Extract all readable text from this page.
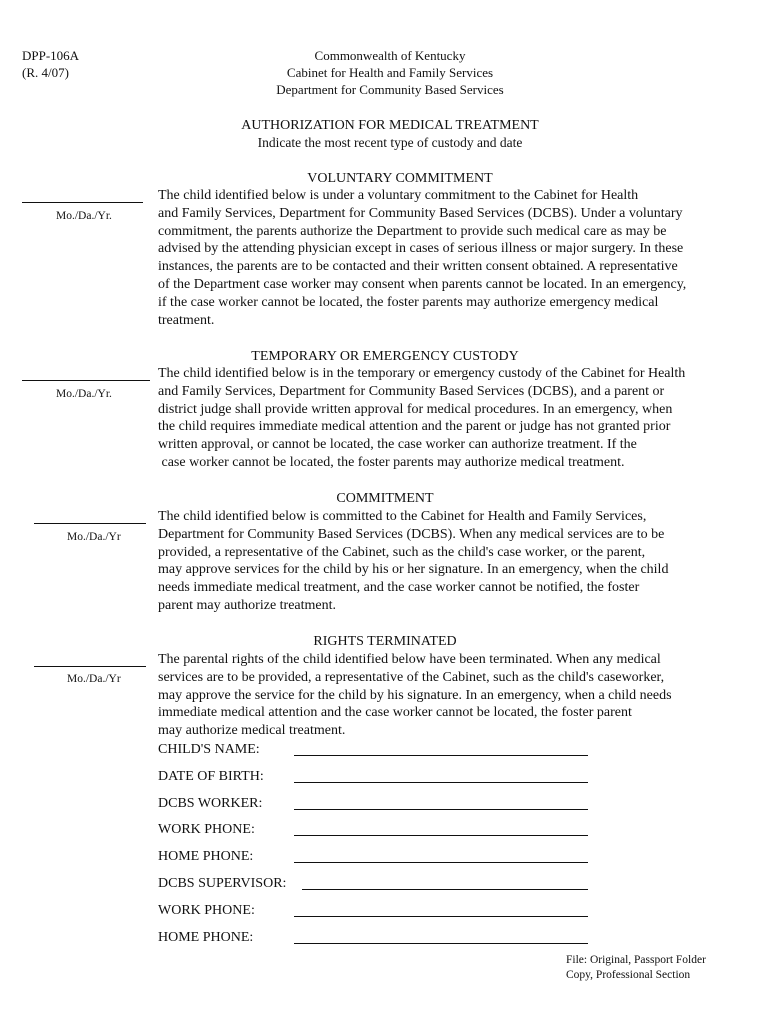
DPP-106A
(R. 4/07)
Commonwealth of Kentucky
Cabinet for Health and Family Services
Department for Community Based Services
AUTHORIZATION FOR MEDICAL TREATMENT
Indicate the most recent type of custody and date
VOLUNTARY COMMITMENT
Mo./Da./Yr.
The child identified below is under a voluntary commitment to the Cabinet for Health
and Family Services, Department for Community Based Services (DCBS). Under a voluntary
commitment, the parents authorize the Department to provide such medical care as may be
advised by the attending physician except in cases of serious illness or major surgery. In these
instances, the parents are to be contacted and their written consent obtained. A representative
of the Department case worker may consent when parents cannot be located. In an emergency,
if the case worker cannot be located, the foster parents may authorize emergency medical
treatment.
TEMPORARY OR EMERGENCY CUSTODY
Mo./Da./Yr.
The child identified below is in the temporary or emergency custody of the Cabinet for Health
and Family Services, Department for Community Based Services (DCBS), and a parent or
district judge shall provide written approval for medical procedures. In an emergency, when
the child requires immediate medical attention and the parent or judge has not granted prior
written approval, or cannot be located, the case worker can authorize treatment. If the
case worker cannot be located, the foster parents may authorize medical treatment.
COMMITMENT
Mo./Da./Yr
The child identified below is committed to the Cabinet for Health and Family Services,
Department for Community Based Services (DCBS). When any medical services are to be
provided, a representative of the Cabinet, such as the child's case worker, or the parent,
may approve services for the child by his or her signature. In an emergency, when the child
needs immediate medical treatment, and the case worker cannot be notified, the foster
parent may authorize treatment.
RIGHTS TERMINATED
Mo./Da./Yr
The parental rights of the child identified below have been terminated. When any medical
services are to be provided, a representative of the Cabinet, such as the child's caseworker,
may approve the service for the child by his signature. In an emergency, when a child needs
immediate medical attention and the case worker cannot be located, the foster parent
may authorize medical treatment.
CHILD'S NAME:
DATE OF BIRTH:
DCBS WORKER:
WORK PHONE:
HOME PHONE:
DCBS SUPERVISOR:
WORK PHONE:
HOME PHONE:
File: Original, Passport Folder
Copy, Professional Section
